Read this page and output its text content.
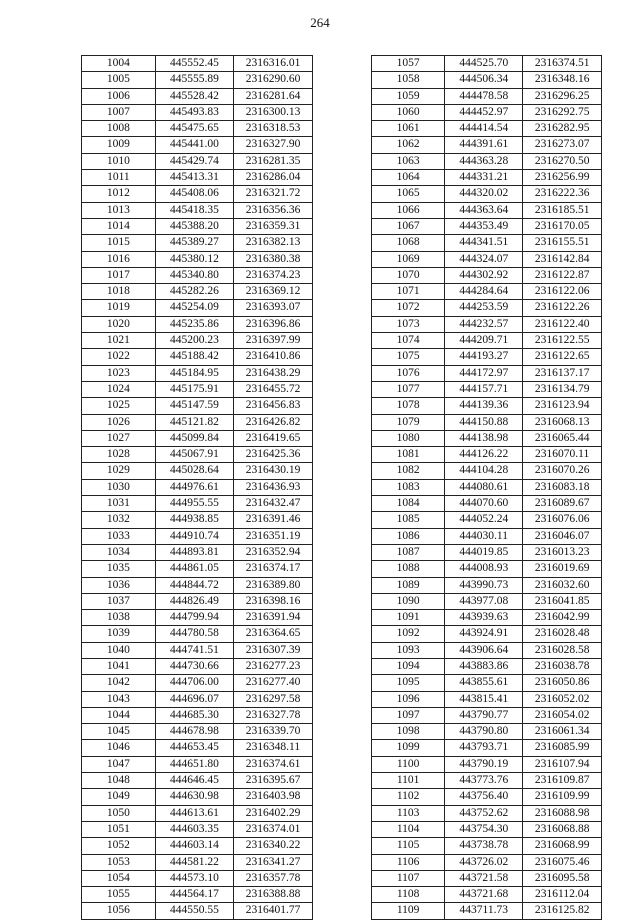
264
1004	445552.45	2316316.01
1005	445555.89	2316290.60
1006	445528.42	2316281.64
1007	445493.83	2316300.13
1008	445475.65	2316318.53
1009	445441.00	2316327.90
1010	445429.74	2316281.35
1011	445413.31	2316286.04
1012	445408.06	2316321.72
1013	445418.35	2316356.36
1014	445388.20	2316359.31
1015	445389.27	2316382.13
1016	445380.12	2316380.38
1017	445340.80	2316374.23
1018	445282.26	2316369.12
1019	445254.09	2316393.07
1020	445235.86	2316396.86
1021	445200.23	2316397.99
1022	445188.42	2316410.86
1023	445184.95	2316438.29
1024	445175.91	2316455.72
1025	445147.59	2316456.83
1026	445121.82	2316426.82
1027	445099.84	2316419.65
1028	445067.91	2316425.36
1029	445028.64	2316430.19
1030	444976.61	2316436.93
1031	444955.55	2316432.47
1032	444938.85	2316391.46
1033	444910.74	2316351.19
1034	444893.81	2316352.94
1035	444861.05	2316374.17
1036	444844.72	2316389.80
1037	444826.49	2316398.16
1038	444799.94	2316391.94
1039	444780.58	2316364.65
1040	444741.51	2316307.39
1041	444730.66	2316277.23
1042	444706.00	2316277.40
1043	444696.07	2316297.58
1044	444685.30	2316327.78
1045	444678.98	2316339.70
1046	444653.45	2316348.11
1047	444651.80	2316374.61
1048	444646.45	2316395.67
1049	444630.98	2316403.98
1050	444613.61	2316402.29
1051	444603.35	2316374.01
1052	444603.14	2316340.22
1053	444581.22	2316341.27
1054	444573.10	2316357.78
1055	444564.17	2316388.88
1056	444550.55	2316401.77
1057	444525.70	2316374.51
1058	444506.34	2316348.16
1059	444478.58	2316296.25
1060	444452.97	2316292.75
1061	444414.54	2316282.95
1062	444391.61	2316273.07
1063	444363.28	2316270.50
1064	444331.21	2316256.99
1065	444320.02	2316222.36
1066	444363.64	2316185.51
1067	444353.49	2316170.05
1068	444341.51	2316155.51
1069	444324.07	2316142.84
1070	444302.92	2316122.87
1071	444284.64	2316122.06
1072	444253.59	2316122.26
1073	444232.57	2316122.40
1074	444209.71	2316122.55
1075	444193.27	2316122.65
1076	444172.97	2316137.17
1077	444157.71	2316134.79
1078	444139.36	2316123.94
1079	444150.88	2316068.13
1080	444138.98	2316065.44
1081	444126.22	2316070.11
1082	444104.28	2316070.26
1083	444080.61	2316083.18
1084	444070.60	2316089.67
1085	444052.24	2316076.06
1086	444030.11	2316046.07
1087	444019.85	2316013.23
1088	444008.93	2316019.69
1089	443990.73	2316032.60
1090	443977.08	2316041.85
1091	443939.63	2316042.99
1092	443924.91	2316028.48
1093	443906.64	2316028.58
1094	443883.86	2316038.78
1095	443855.61	2316050.86
1096	443815.41	2316052.02
1097	443790.77	2316054.02
1098	443790.80	2316061.34
1099	443793.71	2316085.99
1100	443790.19	2316107.94
1101	443773.76	2316109.87
1102	443756.40	2316109.99
1103	443752.62	2316088.98
1104	443754.30	2316068.88
1105	443738.78	2316068.99
1106	443726.02	2316075.46
1107	443721.58	2316095.58
1108	443721.68	2316112.04
1109	443711.73	2316125.82
